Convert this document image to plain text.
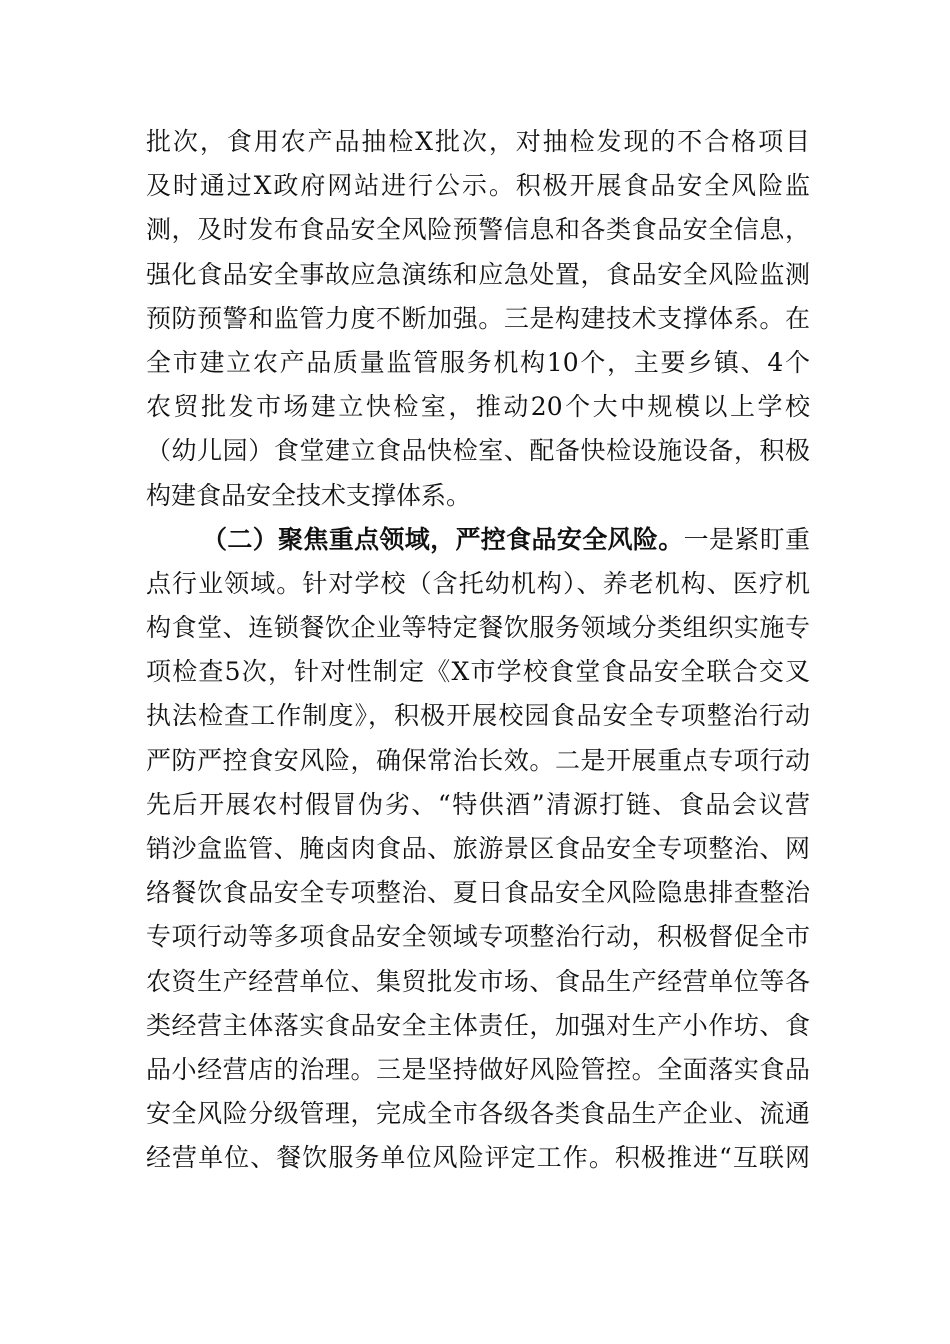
批次，食用农产品抽检X批次，对抽检发现的不合格项目
及时通过X政府网站进行公示。积极开展食品安全风险监
测，及时发布食品安全风险预警信息和各类食品安全信息，
强化食品安全事故应急演练和应急处置，食品安全风险监测
预防预警和监管力度不断加强。三是构建技术支撑体系。在
全市建立农产品质量监管服务机构10个，主要乡镇、4个
农贸批发市场建立快检室，推动20个大中规模以上学校
（幼儿园）食堂建立食品快检室、配备快检设施设备，积极
构建食品安全技术支撑体系。
（二）聚焦重点领域，严控食品安全风险。一是紧盯重
点行业领域。针对学校（含托幼机构）、养老机构、医疗机
构食堂、连锁餐饮企业等特定餐饮服务领域分类组织实施专
项检查5次，针对性制定《X市学校食堂食品安全联合交叉
执法检查工作制度》，积极开展校园食品安全专项整治行动
严防严控食安风险，确保常治长效。二是开展重点专项行动
先后开展农村假冒伪劣、“特供酒”清源打链、食品会议营
销沙盒监管、腌卤肉食品、旅游景区食品安全专项整治、网
络餐饮食品安全专项整治、夏日食品安全风险隐患排查整治
专项行动等多项食品安全领域专项整治行动，积极督促全市
农资生产经营单位、集贸批发市场、食品生产经营单位等各
类经营主体落实食品安全主体责任，加强对生产小作坊、食
品小经营店的治理。三是坚持做好风险管控。全面落实食品
安全风险分级管理，完成全市各级各类食品生产企业、流通
经营单位、餐饮服务单位风险评定工作。积极推进“互联网
